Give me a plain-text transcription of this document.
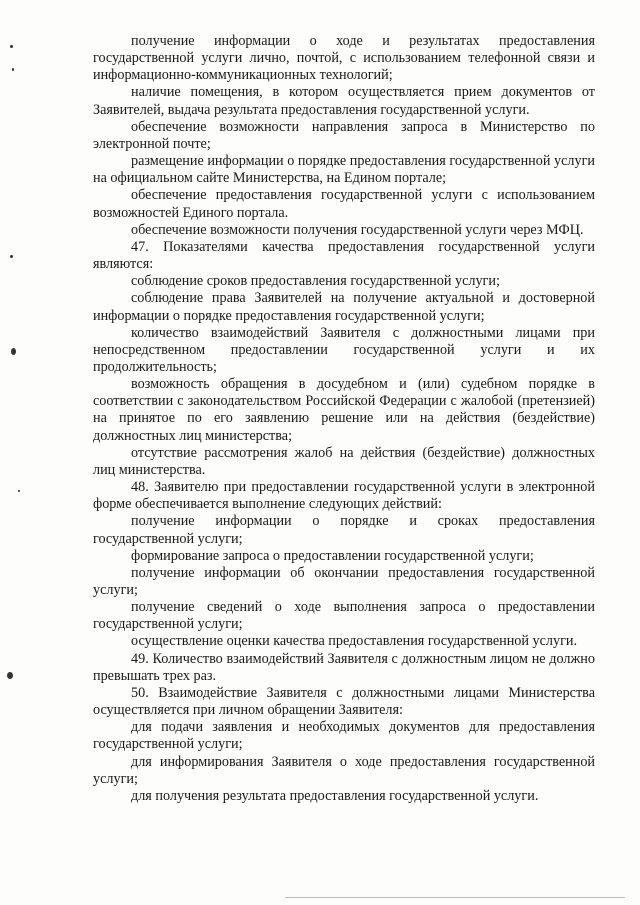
получение информации о ходе и результатах предоставления государственной услуги лично, почтой, с использованием телефонной связи и информационно-коммуникационных технологий;

наличие помещения, в котором осуществляется прием документов от Заявителей, выдача результата предоставления государственной услуги.

обеспечение возможности направления запроса в Министерство по электронной почте;

размещение информации о порядке предоставления государственной услуги на официальном сайте Министерства, на Едином портале;

обеспечение предоставления государственной услуги с использованием возможностей Единого портала.

обеспечение возможности получения государственной услуги через МФЦ.

47. Показателями качества предоставления государственной услуги являются:

соблюдение сроков предоставления государственной услуги;

соблюдение права Заявителей на получение актуальной и достоверной информации о порядке предоставления государственной услуги;

количество взаимодействий Заявителя с должностными лицами при непосредственном предоставлении государственной услуги и их продолжительность;

возможность обращения в досудебном и (или) судебном порядке в соответствии с законодательством Российской Федерации с жалобой (претензией) на принятое по его заявлению решение или на действия (бездействие) должностных лиц министерства;

отсутствие рассмотрения жалоб на действия (бездействие) должностных лиц министерства.

48. Заявителю при предоставлении государственной услуги в электронной форме обеспечивается выполнение следующих действий:

получение информации о порядке и сроках предоставления государственной услуги;

формирование запроса о предоставлении государственной услуги;

получение информации об окончании предоставления государственной услуги;

получение сведений о ходе выполнения запроса о предоставлении государственной услуги;

осуществление оценки качества предоставления государственной услуги.

49. Количество взаимодействий Заявителя с должностным лицом не должно превышать трех раз.

50. Взаимодействие Заявителя с должностными лицами Министерства осуществляется при личном обращении Заявителя:

для подачи заявления и необходимых документов для предоставления государственной услуги;

для информирования Заявителя о ходе предоставления государственной услуги;

для получения результата предоставления государственной услуги.
